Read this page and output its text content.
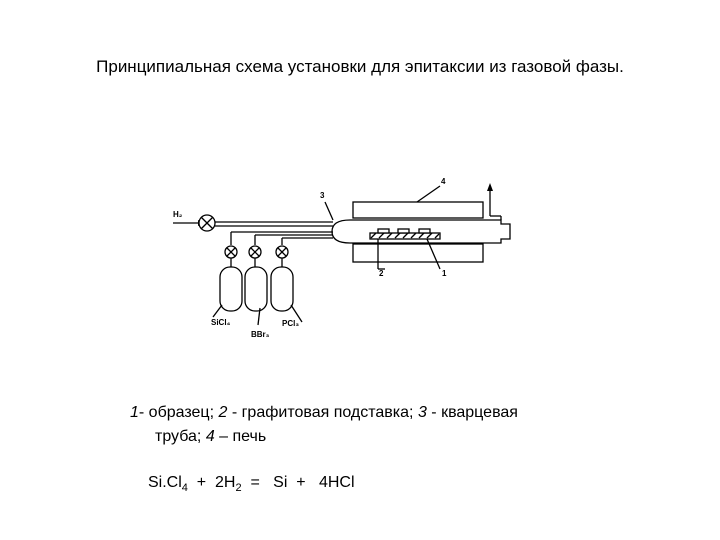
Принципиальная схема установки для эпитаксии из газовой фазы.
H₂
SiCl₄
BBr₃
PCl₃
4
3
2	1
1- образец; 2 - графитовая подставка; 3 - кварцевая
труба; 4 – печь
$Si.Cl_4 + 2H_2 = Si + 4HCl$
